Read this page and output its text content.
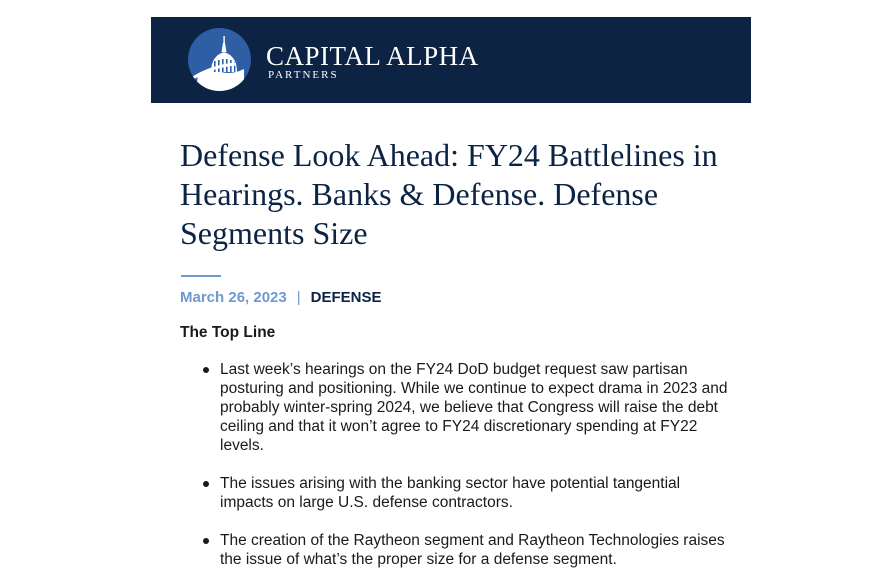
CAPITAL ALPHA
PARTNERS
Defense Look Ahead: FY24 Battlelines in Hearings. Banks & Defense. Defense Segments Size
March 26, 2023 | DEFENSE
The Top Line
Last week’s hearings on the FY24 DoD budget request saw partisan posturing and positioning. While we continue to expect drama in 2023 and probably winter-spring 2024, we believe that Congress will raise the debt ceiling and that it won’t agree to FY24 discretionary spending at FY22 levels.
The issues arising with the banking sector have potential tangential impacts on large U.S. defense contractors.
The creation of the Raytheon segment and Raytheon Technologies raises the issue of what’s the proper size for a defense segment.
